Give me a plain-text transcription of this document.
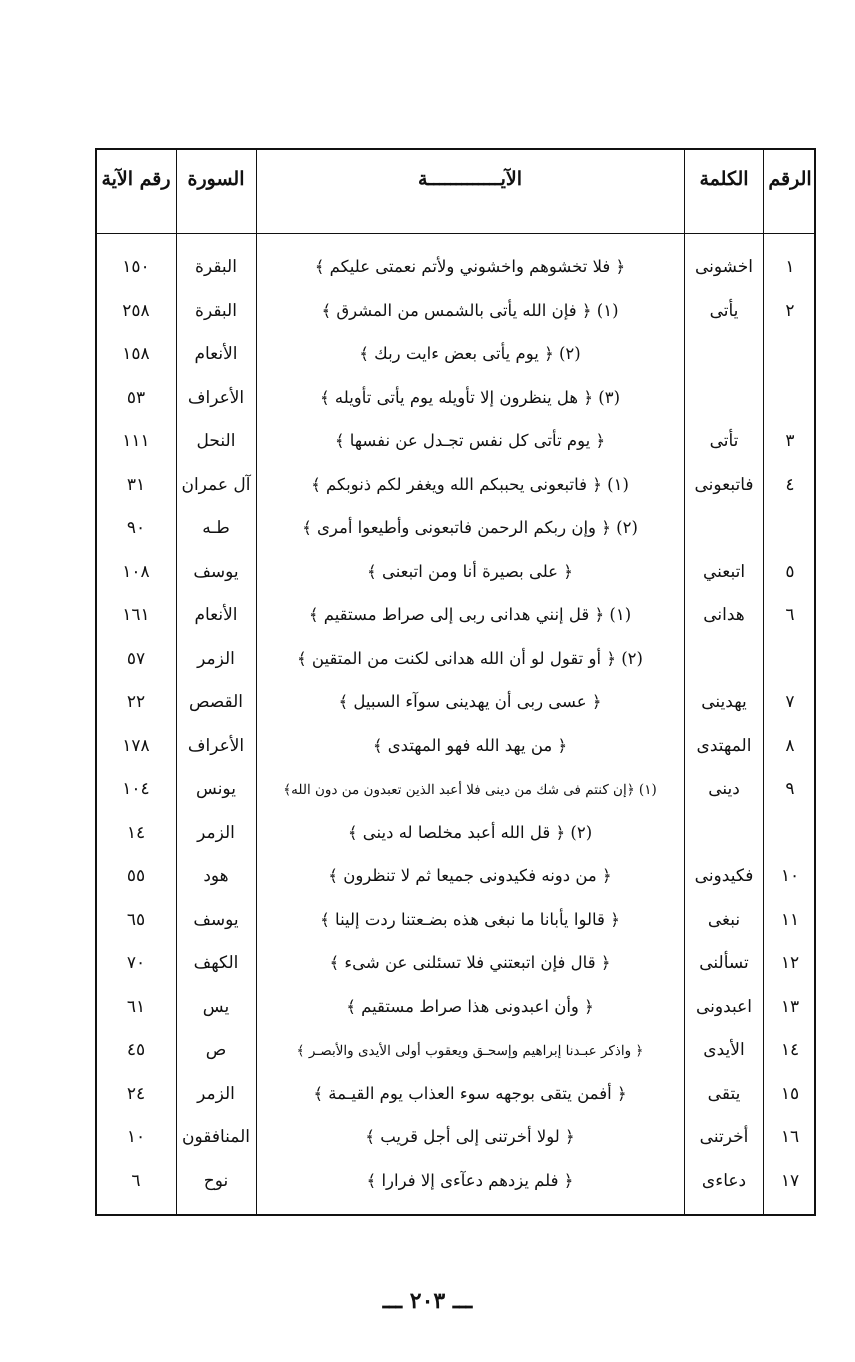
الرقم
الكلمة
الآيـــــــــــــة
السورة
رقم الآية
١
اخشونى
﴿ فلا تخشوهم واخشوني ولأتم نعمتى عليكم ﴾
البقرة
١٥٠
٢
يأتى
(١) ﴿ فإن الله يأتى بالشمس من المشرق ﴾
البقرة
٢٥٨
(٢) ﴿ يوم يأتى بعض ءايت ربك ﴾
الأنعام
١٥٨
(٣) ﴿ هل ينظرون إلا تأويله يوم يأتى تأويله ﴾
الأعراف
٥٣
٣
تأتى
﴿ يوم تأتى كل نفس تجـدل عن نفسها ﴾
النحل
١١١
٤
فاتبعونى
(١) ﴿ فاتبعونى يحببكم الله ويغفر لكم ذنوبكم ﴾
آل عمران
٣١
(٢) ﴿ وإن ربكم الرحمن فاتبعونى وأطيعوا أمرى ﴾
طـه
٩٠
٥
اتبعني
﴿ على بصيرة أنا ومن اتبعنى ﴾
يوسف
١٠٨
٦
هدانى
(١) ﴿ قل إنني هدانى ربى إلى صراط مستقيم ﴾
الأنعام
١٦١
(٢) ﴿ أو تقول لو أن الله هدانى لكنت من المتقين ﴾
الزمر
٥٧
٧
يهدينى
﴿ عسى ربى أن يهدينى سوآء السبيل ﴾
القصص
٢٢
٨
المهتدى
﴿ من يهد الله فهو المهتدى ﴾
الأعراف
١٧٨
٩
دينى
(١) ﴿إن كنتم فى شك من دينى فلا أعبد الذين تعبدون من دون الله﴾
يونس
١٠٤
(٢) ﴿ قل الله أعبد مخلصا له دينى ﴾
الزمر
١٤
١٠
فكيدونى
﴿ من دونه فكيدونى جميعا ثم لا تنظرون ﴾
هود
٥٥
١١
نبغى
﴿ قالوا يأبانا ما نبغى هذه بضـعتنا ردت إلينا ﴾
يوسف
٦٥
١٢
تسألنى
﴿ قال فإن اتبعتني فلا تسئلنى عن شىء ﴾
الكهف
٧٠
١٣
اعبدونى
﴿ وأن اعبدونى هذا صراط مستقيم ﴾
يس
٦١
١٤
الأيدى
﴿ واذكر عبـدنا إبراهيم وإسحـق ويعقوب أولى الأيدى والأبصـر ﴾
ص
٤٥
١٥
يتقى
﴿ أفمن يتقى بوجهه سوء العذاب يوم القيـمة ﴾
الزمر
٢٤
١٦
أخرتنى
﴿ لولا أخرتنى إلى أجل قريب ﴾
المنافقون
١٠
١٧
دعاءى
﴿ فلم يزدهم دعآءى إلا فرارا ﴾
نوح
٦
ـــ ٢٠٣ ـــ
